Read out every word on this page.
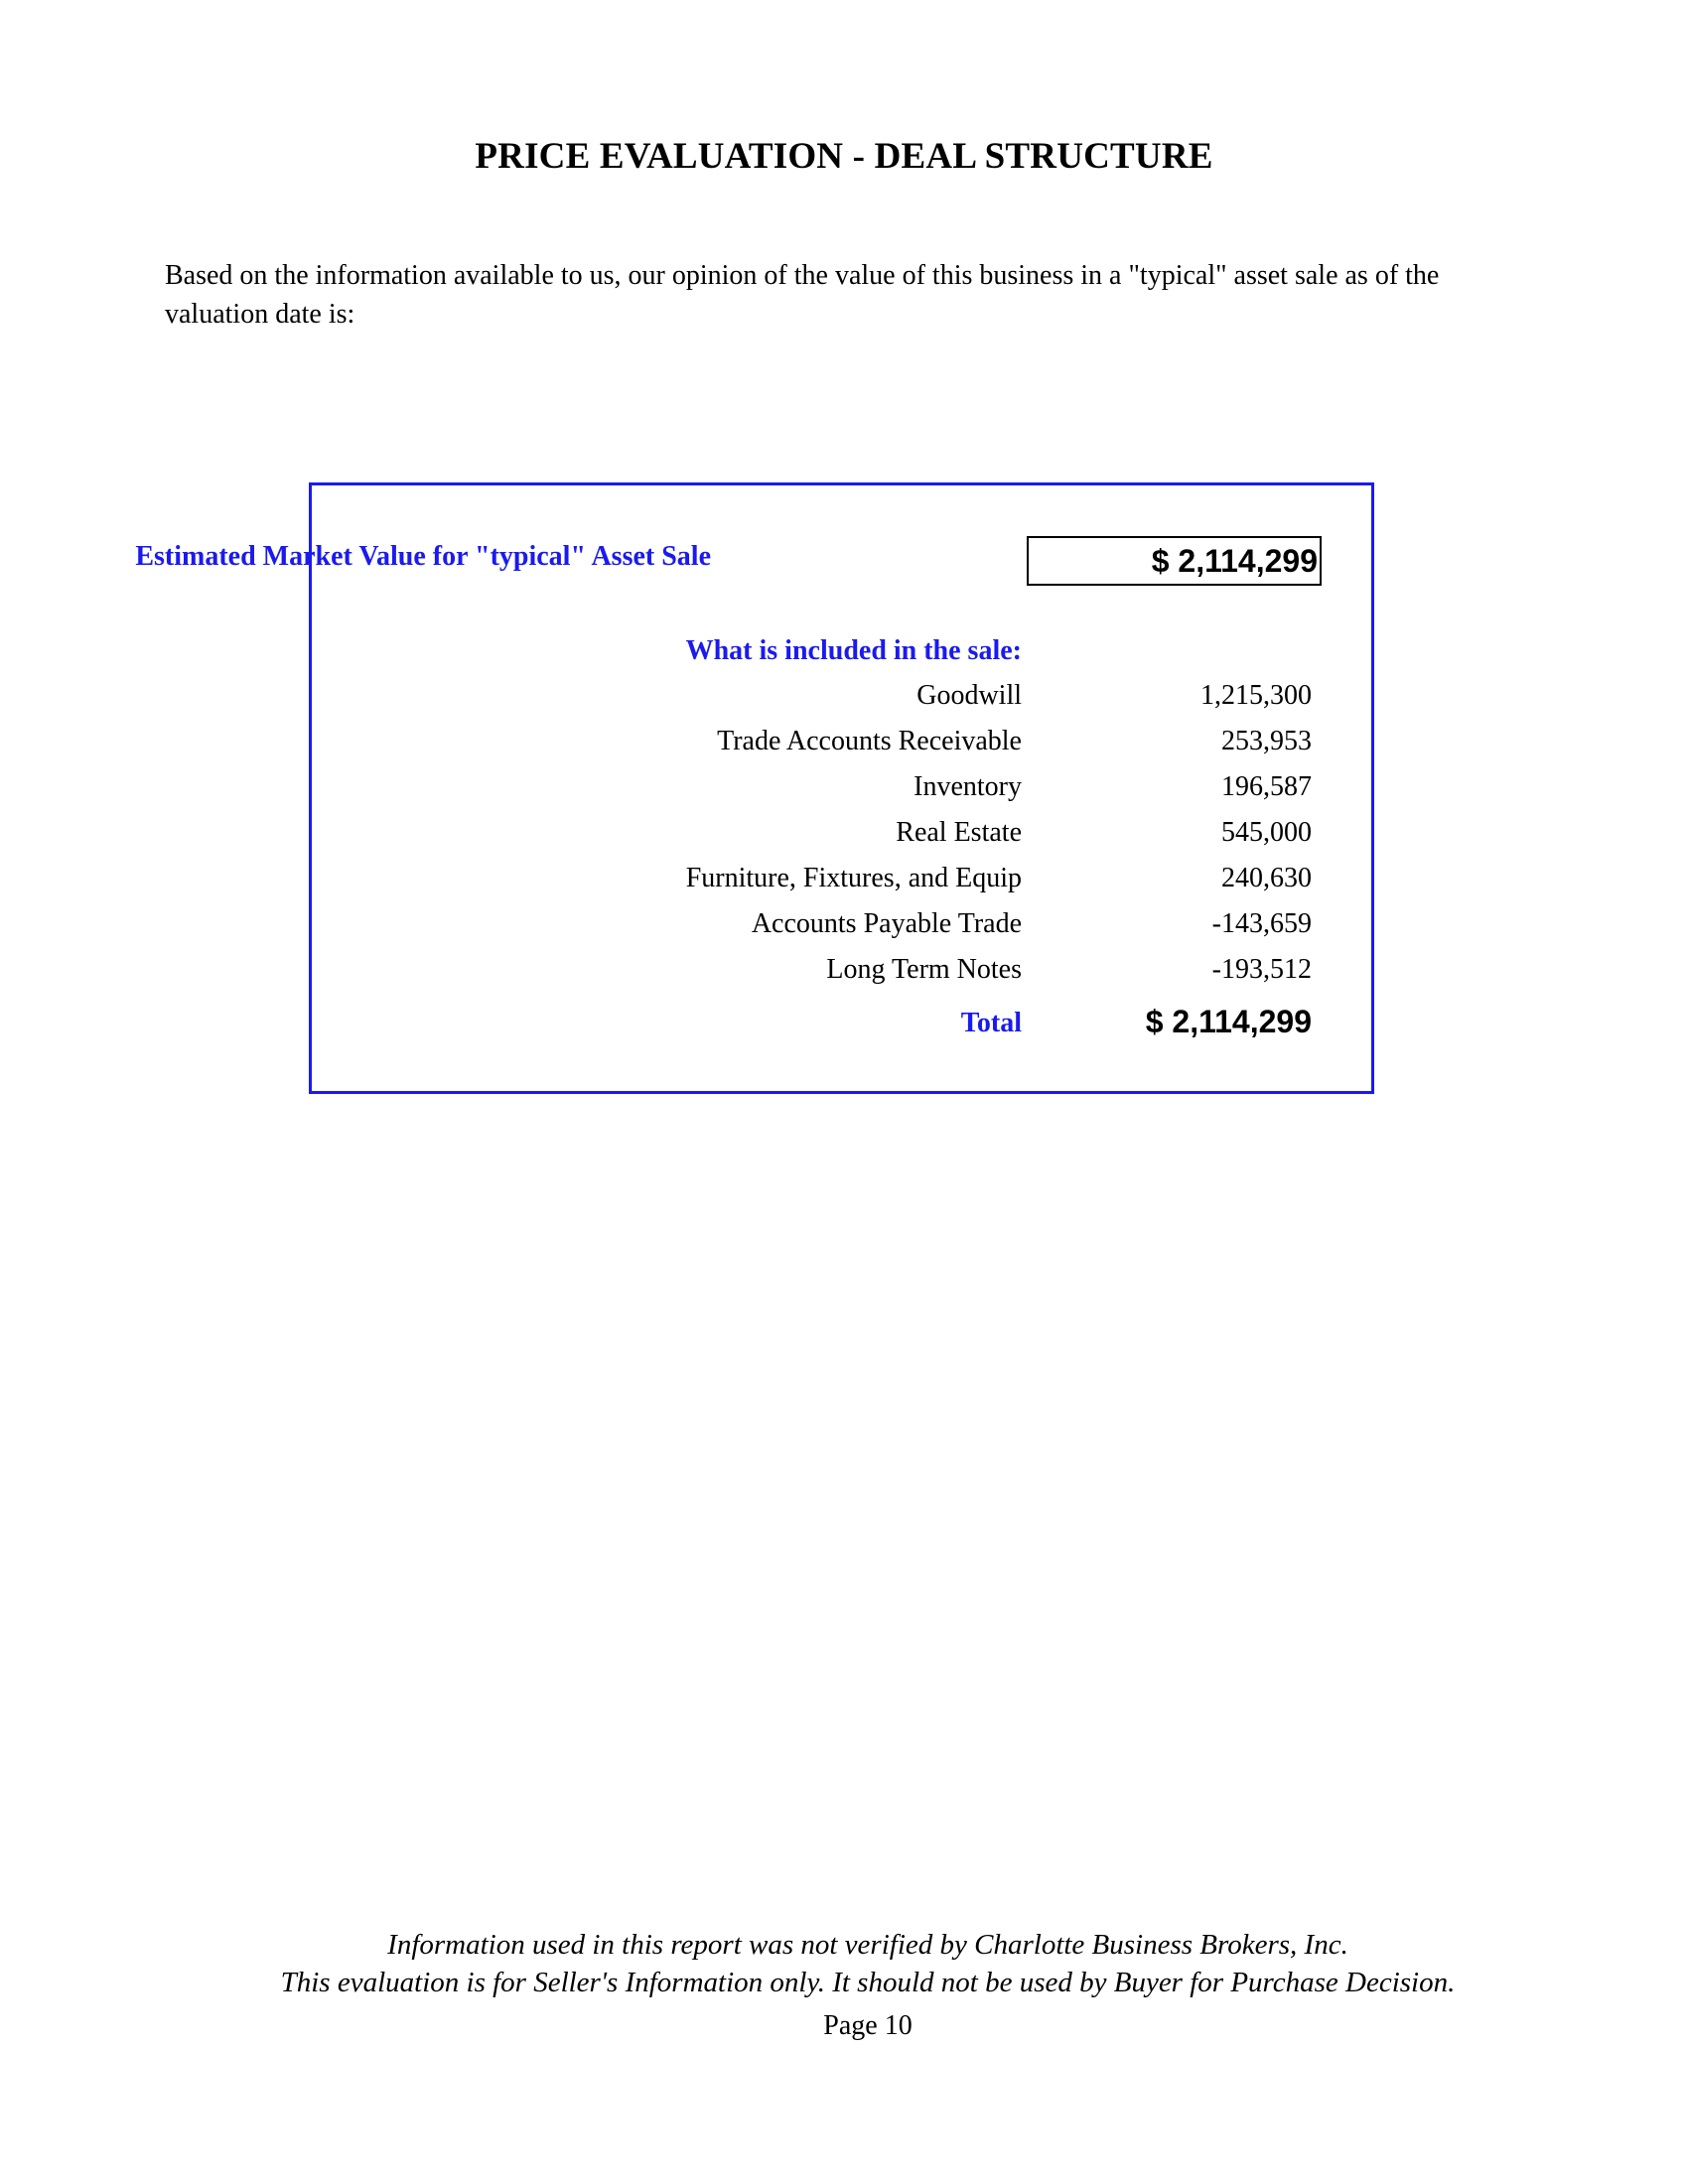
PRICE EVALUATION - DEAL STRUCTURE
Based on the information available to us, our opinion of the value of this business in a "typical" asset sale as of the valuation date is:
Estimated Market Value for "typical" Asset Sale	$ 2,114,299
What is included in the sale:
Goodwill	1,215,300
Trade Accounts Receivable	253,953
Inventory	196,587
Real Estate	545,000
Furniture, Fixtures, and Equip	240,630
Accounts Payable Trade	-143,659
Long Term Notes	-193,512
Total	$ 2,114,299
Information used in this report was not verified by Charlotte Business Brokers, Inc.
This evaluation is for Seller's Information only. It should not be used by Buyer for Purchase Decision.
Page 10
